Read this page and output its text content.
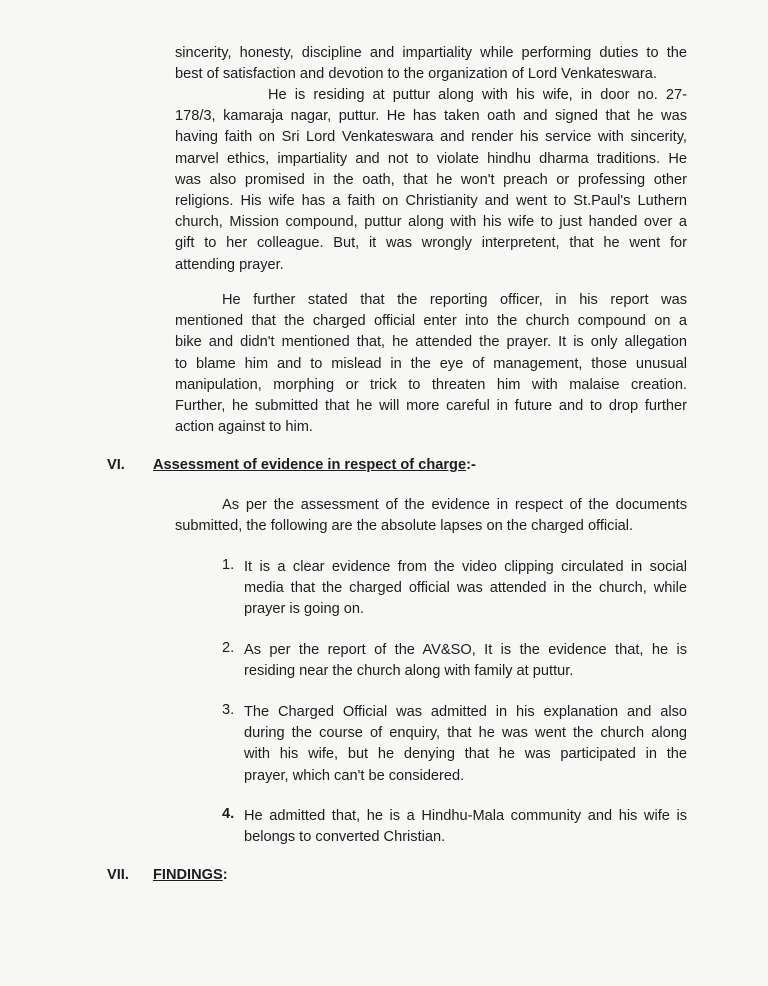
sincerity, honesty, discipline and impartiality while performing duties to the
best of satisfaction and devotion to the organization of Lord Venkateswara.
He is residing at puttur along with his wife, in door no. 27-
178/3, kamaraja nagar, puttur. He has taken oath and signed that he was
having faith on Sri Lord Venkateswara and render his service with sincerity,
marvel ethics, impartiality and not to violate hindhu dharma traditions. He
was also promised in the oath, that he won't preach or professing other
religions. His wife has a faith on Christianity and went to St.Paul's Luthern
church, Mission compound, puttur along with his wife to just handed over a
gift to her colleague. But, it was wrongly interpretent, that he went for
attending prayer.
He further stated that the reporting officer, in his report was
mentioned that the charged official enter into the church compound on a
bike and didn't mentioned that, he attended the prayer. It is only allegation
to blame him and to mislead in the eye of management, those unusual
manipulation, morphing or trick to threaten him with malaise creation.
Further, he submitted that he will more careful in future and to drop further
action against to him.
VI. Assessment of evidence in respect of charge:-
As per the assessment of the evidence in respect of the documents
submitted, the following are the absolute lapses on the charged official.
1. It is a clear evidence from the video clipping circulated in social
media that the charged official was attended in the church, while
prayer is going on.
2. As per the report of the AV&SO, It is the evidence that, he is
residing near the church along with family at puttur.
3. The Charged Official was admitted in his explanation and also
during the course of enquiry, that he was went the church along
with his wife, but he denying that he was participated in the
prayer, which can't be considered.
4. He admitted that, he is a Hindhu-Mala community and his wife is
belongs to converted Christian.
VII. FINDINGS:
